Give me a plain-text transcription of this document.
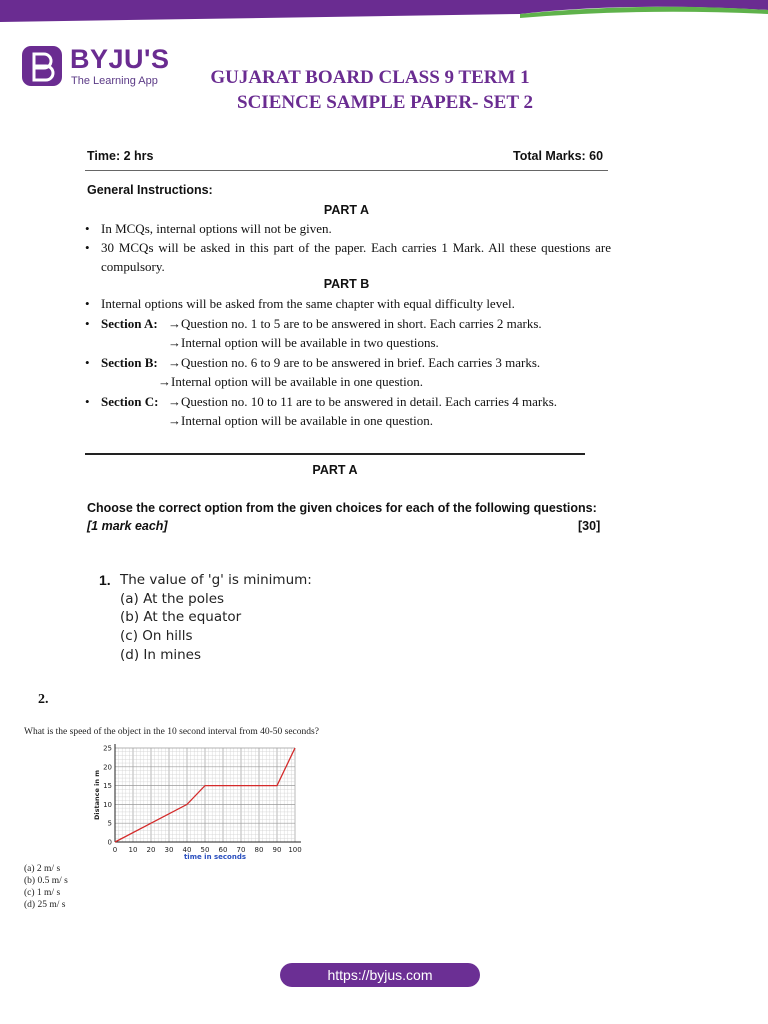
BYJU'S
The Learning App	GUJARAT BOARD CLASS 9 TERM 1
SCIENCE SAMPLE PAPER- SET 2
Time: 2 hrs	Total Marks: 60
General Instructions:
PART A
• In MCQs, internal options will not be given.
• 30 MCQs will be asked in this part of the paper. Each carries 1 Mark. All these questions are compulsory.
PART B
• Internal options will be asked from the same chapter with equal difficulty level.
• Section A: →Question no. 1 to 5 are to be answered in short. Each carries 2 marks.
→Internal option will be available in two questions.
• Section B: →Question no. 6 to 9 are to be answered in brief. Each carries 3 marks.
→Internal option will be available in one question.
• Section C: →Question no. 10 to 11 are to be answered in detail. Each carries 4 marks.
→Internal option will be available in one question.
PART A
Choose the correct option from the given choices for each of the following questions:
[1 mark each]	[30]
1. The value of 'g' is minimum:
(a) At the poles
(b) At the equator
(c) On hills
(d) In mines
2.
What is the speed of the object in the 10 second interval from 40-50 seconds?
0 10 20 30 40 50 60 70 80 90 100
0
5
10
15
20
25
time in seconds
Distance in m
(a) 2 m/ s
(b) 0.5 m/ s
(c) 1 m/ s
(d) 25 m/ s
https://byjus.com
